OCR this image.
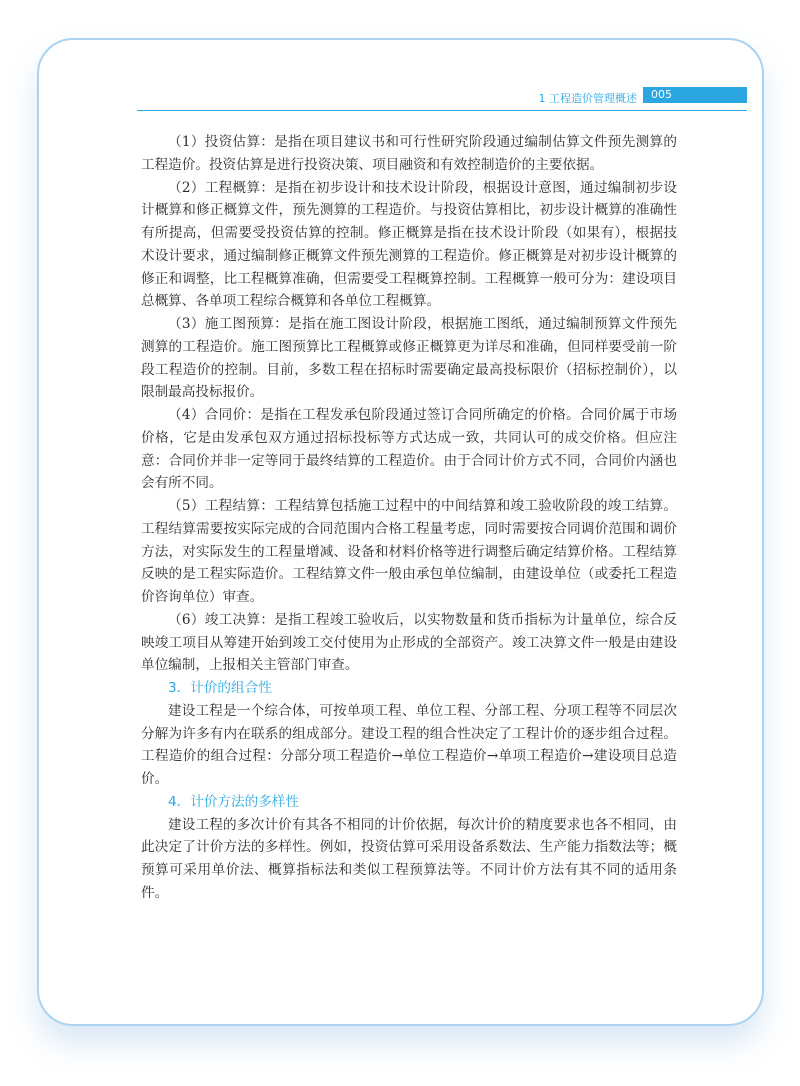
1 工程造价管理概述	005

（1）投资估算：是指在项目建议书和可行性研究阶段通过编制估算文件预先测算的工程造价。投资估算是进行投资决策、项目融资和有效控制造价的主要依据。

（2）工程概算：是指在初步设计和技术设计阶段，根据设计意图，通过编制初步设计概算和修正概算文件，预先测算的工程造价。与投资估算相比，初步设计概算的准确性有所提高，但需要受投资估算的控制。修正概算是指在技术设计阶段（如果有），根据技术设计要求，通过编制修正概算文件预先测算的工程造价。修正概算是对初步设计概算的修正和调整，比工程概算准确，但需要受工程概算控制。工程概算一般可分为：建设项目总概算、各单项工程综合概算和各单位工程概算。

（3）施工图预算：是指在施工图设计阶段，根据施工图纸，通过编制预算文件预先测算的工程造价。施工图预算比工程概算或修正概算更为详尽和准确，但同样要受前一阶段工程造价的控制。目前，多数工程在招标时需要确定最高投标限价（招标控制价），以限制最高投标报价。

（4）合同价：是指在工程发承包阶段通过签订合同所确定的价格。合同价属于市场价格，它是由发承包双方通过招标投标等方式达成一致，共同认可的成交价格。但应注意：合同价并非一定等同于最终结算的工程造价。由于合同计价方式不同，合同价内涵也会有所不同。

（5）工程结算：工程结算包括施工过程中的中间结算和竣工验收阶段的竣工结算。工程结算需要按实际完成的合同范围内合格工程量考虑，同时需要按合同调价范围和调价方法，对实际发生的工程量增减、设备和材料价格等进行调整后确定结算价格。工程结算反映的是工程实际造价。工程结算文件一般由承包单位编制，由建设单位（或委托工程造价咨询单位）审查。

（6）竣工决算：是指工程竣工验收后，以实物数量和货币指标为计量单位，综合反映竣工项目从筹建开始到竣工交付使用为止形成的全部资产。竣工决算文件一般是由建设单位编制，上报相关主管部门审查。

3．计价的组合性

建设工程是一个综合体，可按单项工程、单位工程、分部工程、分项工程等不同层次分解为许多有内在联系的组成部分。建设工程的组合性决定了工程计价的逐步组合过程。工程造价的组合过程：分部分项工程造价→单位工程造价→单项工程造价→建设项目总造价。

4．计价方法的多样性

建设工程的多次计价有其各不相同的计价依据，每次计价的精度要求也各不相同，由此决定了计价方法的多样性。例如，投资估算可采用设备系数法、生产能力指数法等；概预算可采用单价法、概算指标法和类似工程预算法等。不同计价方法有其不同的适用条件。
